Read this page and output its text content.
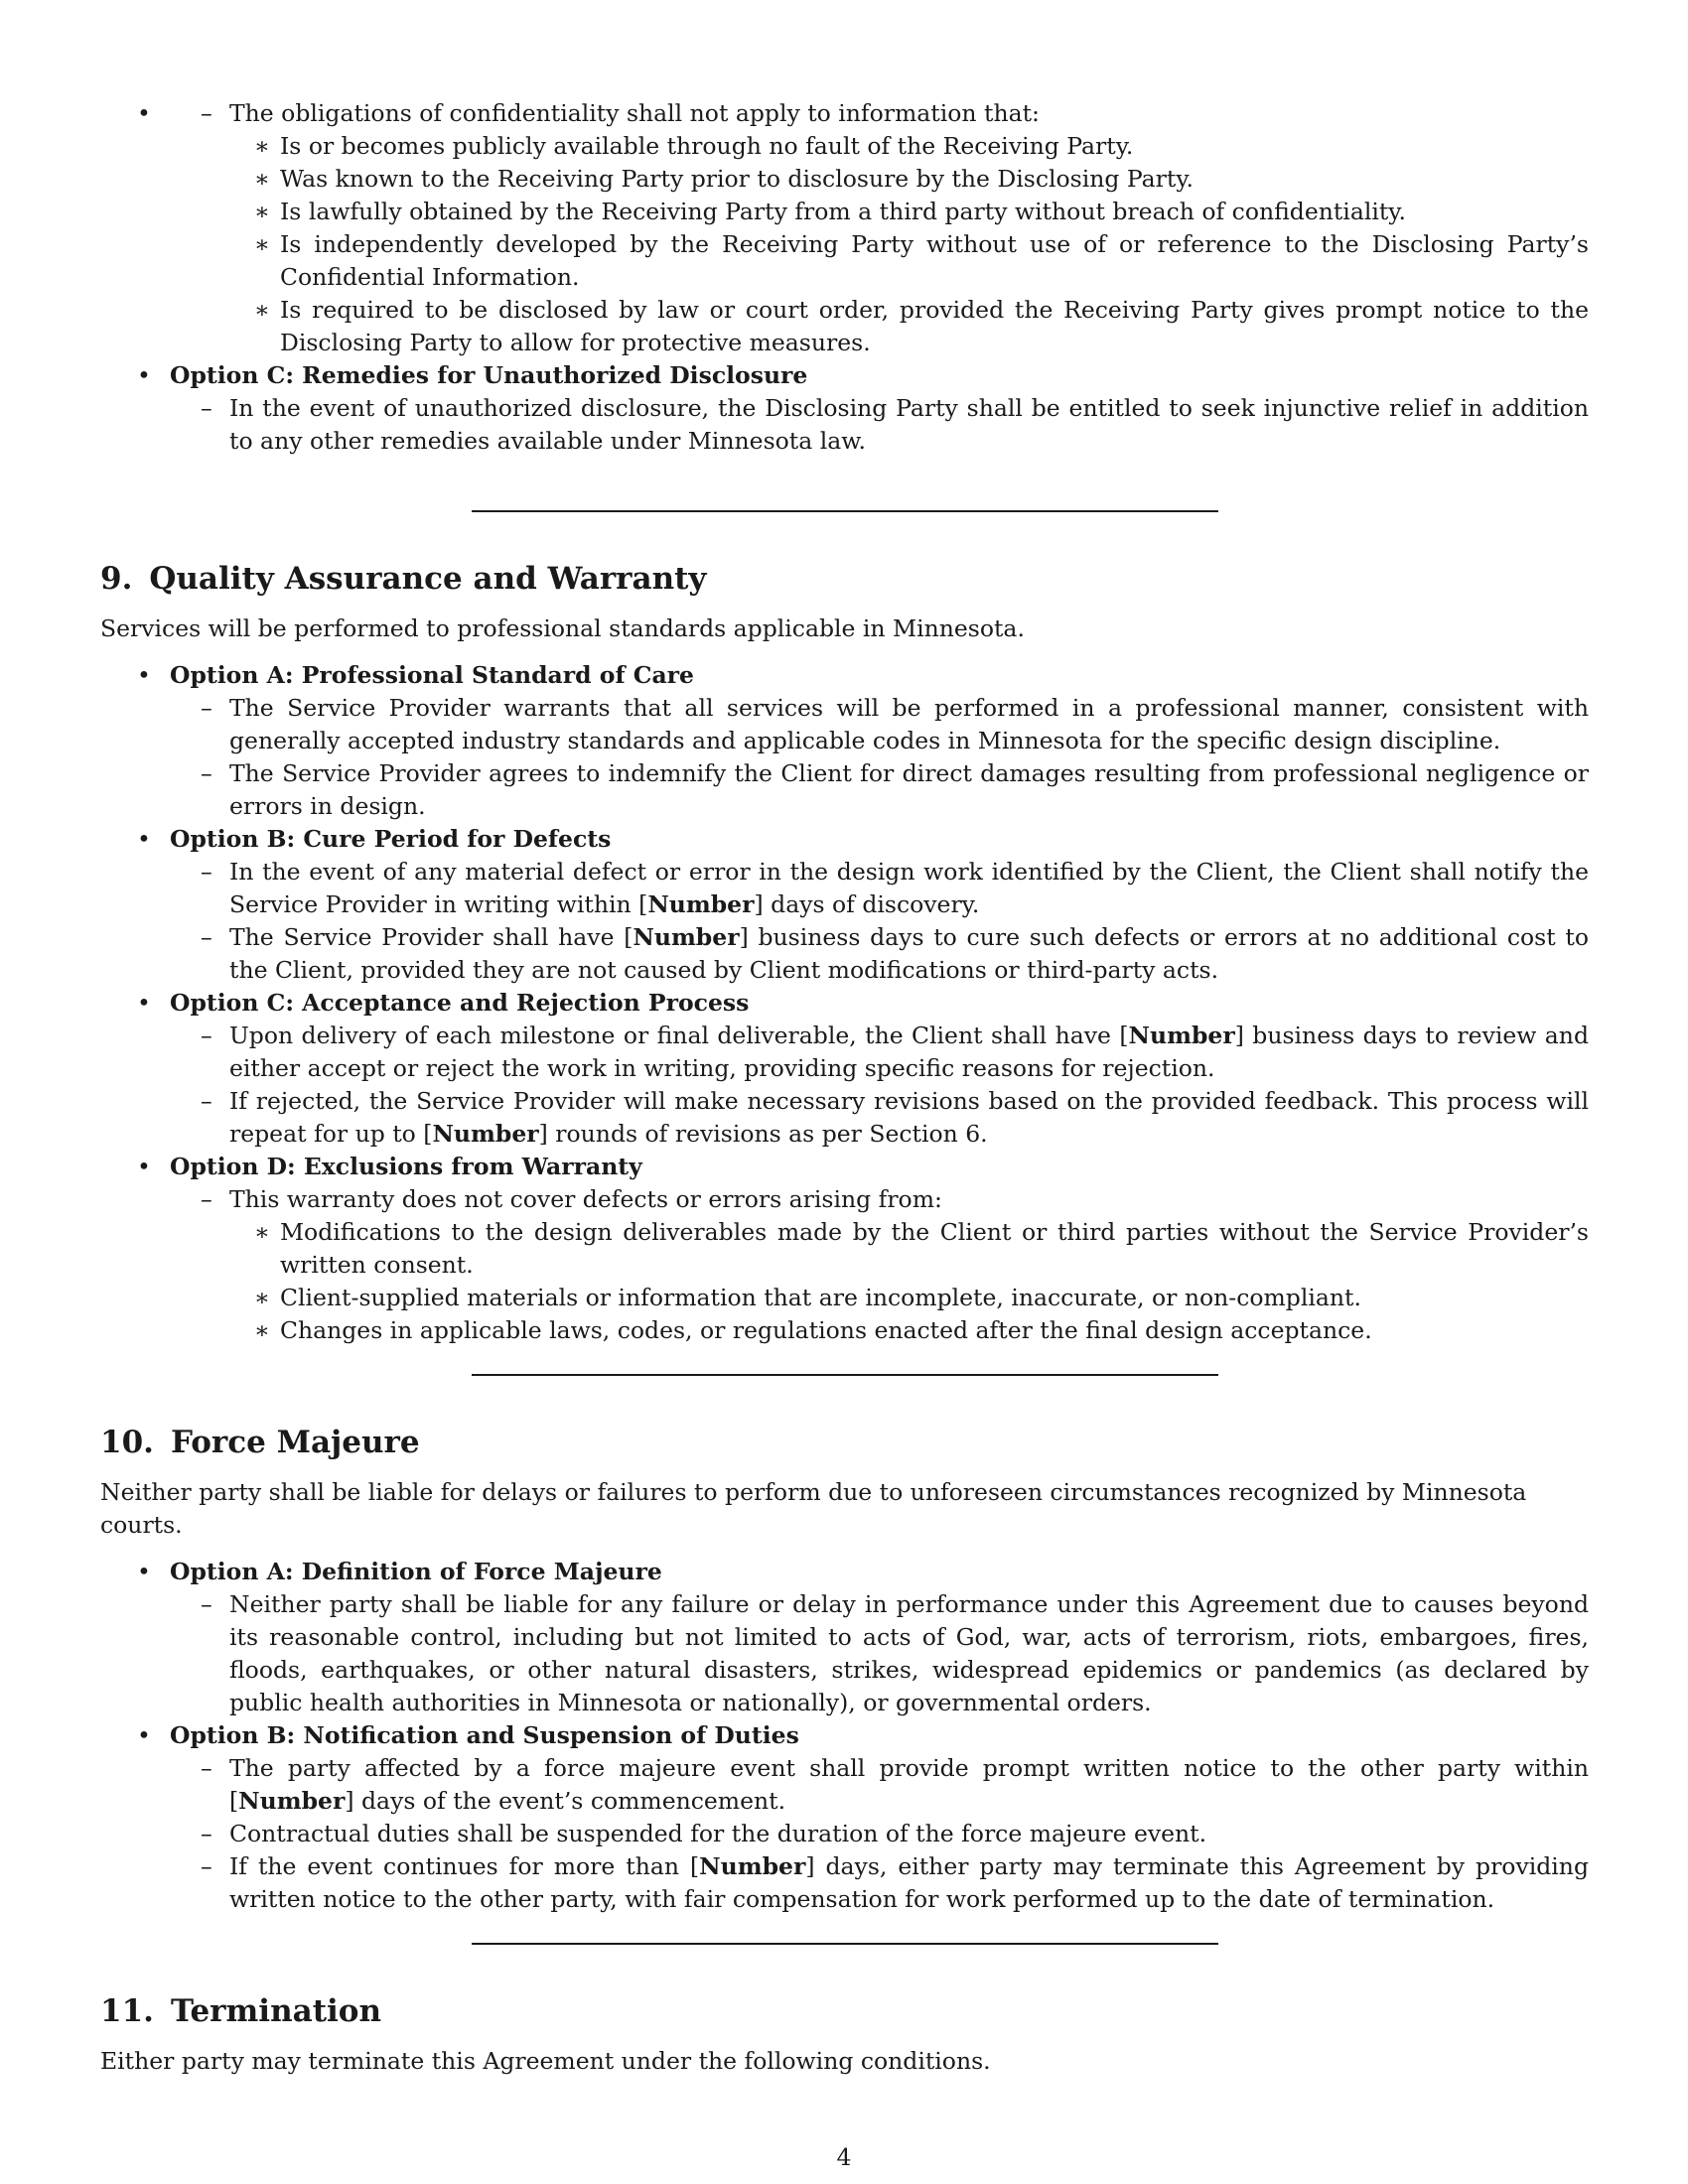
– • The obligations of confidentiality shall not apply to information that:
∗ Is or becomes publicly available through no fault of the Receiving Party.
∗ Was known to the Receiving Party prior to disclosure by the Disclosing Party.
∗ Is lawfully obtained by the Receiving Party from a third party without breach of confidentiality.
∗ Is independently developed by the Receiving Party without use of or reference to the Disclosing Party’s Confidential Information.
∗ Is required to be disclosed by law or court order, provided the Receiving Party gives prompt notice to the Disclosing Party to allow for protective measures.
• Option C: Remedies for Unauthorized Disclosure
– In the event of unauthorized disclosure, the Disclosing Party shall be entitled to seek injunctive relief in addition to any other remedies available under Minnesota law.
9. Quality Assurance and Warranty

Services will be performed to professional standards applicable in Minnesota.

• Option A: Professional Standard of Care
– The Service Provider warrants that all services will be performed in a professional manner, consistent with generally accepted industry standards and applicable codes in Minnesota for the specific design discipline.
– The Service Provider agrees to indemnify the Client for direct damages resulting from professional negligence or errors in design.
• Option B: Cure Period for Defects
– In the event of any material defect or error in the design work identified by the Client, the Client shall notify the Service Provider in writing within [Number] days of discovery.
– The Service Provider shall have [Number] business days to cure such defects or errors at no additional cost to the Client, provided they are not caused by Client modifications or third-party acts.
• Option C: Acceptance and Rejection Process
– Upon delivery of each milestone or final deliverable, the Client shall have [Number] business days to review and either accept or reject the work in writing, providing specific reasons for rejection.
– If rejected, the Service Provider will make necessary revisions based on the provided feedback. This process will repeat for up to [Number] rounds of revisions as per Section 6.
• Option D: Exclusions from Warranty
– This warranty does not cover defects or errors arising from:
∗ Modifications to the design deliverables made by the Client or third parties without the Service Provider’s written consent.
∗ Client-supplied materials or information that are incomplete, inaccurate, or non-compliant.
∗ Changes in applicable laws, codes, or regulations enacted after the final design acceptance.
10. Force Majeure

Neither party shall be liable for delays or failures to perform due to unforeseen circumstances recognized by Minnesota courts.

• Option A: Definition of Force Majeure
– Neither party shall be liable for any failure or delay in performance under this Agreement due to causes beyond its reasonable control, including but not limited to acts of God, war, acts of terrorism, riots, embargoes, fires, floods, earthquakes, or other natural disasters, strikes, widespread epidemics or pandemics (as declared by public health authorities in Minnesota or nationally), or governmental orders.
• Option B: Notification and Suspension of Duties
– The party affected by a force majeure event shall provide prompt written notice to the other party within [Number] days of the event’s commencement.
– Contractual duties shall be suspended for the duration of the force majeure event.
– If the event continues for more than [Number] days, either party may terminate this Agreement by providing written notice to the other party, with fair compensation for work performed up to the date of termination.
11. Termination

Either party may terminate this Agreement under the following conditions.

4
